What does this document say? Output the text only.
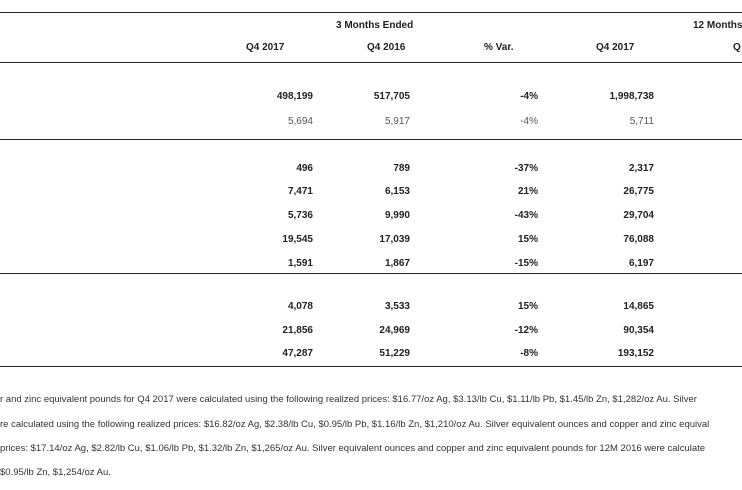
3 Months Ended	12 Months
Q4 2017	Q4 2016	% Var.	Q4 2017	Q
498,199	517,705	-4%	1,998,738
5,694	5,917	-4%	5,711
496	789	-37%	2,317
7,471	6,153	21%	26,775
5,736	9,990	-43%	29,704
19,545	17,039	15%	76,088
1,591	1,867	-15%	6,197
4,078	3,533	15%	14,865
21,856	24,969	-12%	90,354
47,287	51,229	-8%	193,152
r and zinc equivalent pounds for Q4 2017 were calculated using the following realized prices: $16.77/oz Ag, $3.13/lb Cu, $1.11/lb Pb, $1.45/lb Zn, $1,282/oz Au. Silver
re calculated using the following realized prices: $16.82/oz Ag, $2.38/lb Cu, $0.95/lb Pb, $1.16/lb Zn, $1,210/oz Au. Silver equivalent ounces and copper and zinc equival
prices: $17.14/oz Ag, $2.82/lb Cu, $1.06/lb Pb, $1.32/lb Zn, $1,265/oz Au. Silver equivalent ounces and copper and zinc equivalent pounds for 12M 2016 were calculate
$0.95/lb Zn, $1,254/oz Au.
